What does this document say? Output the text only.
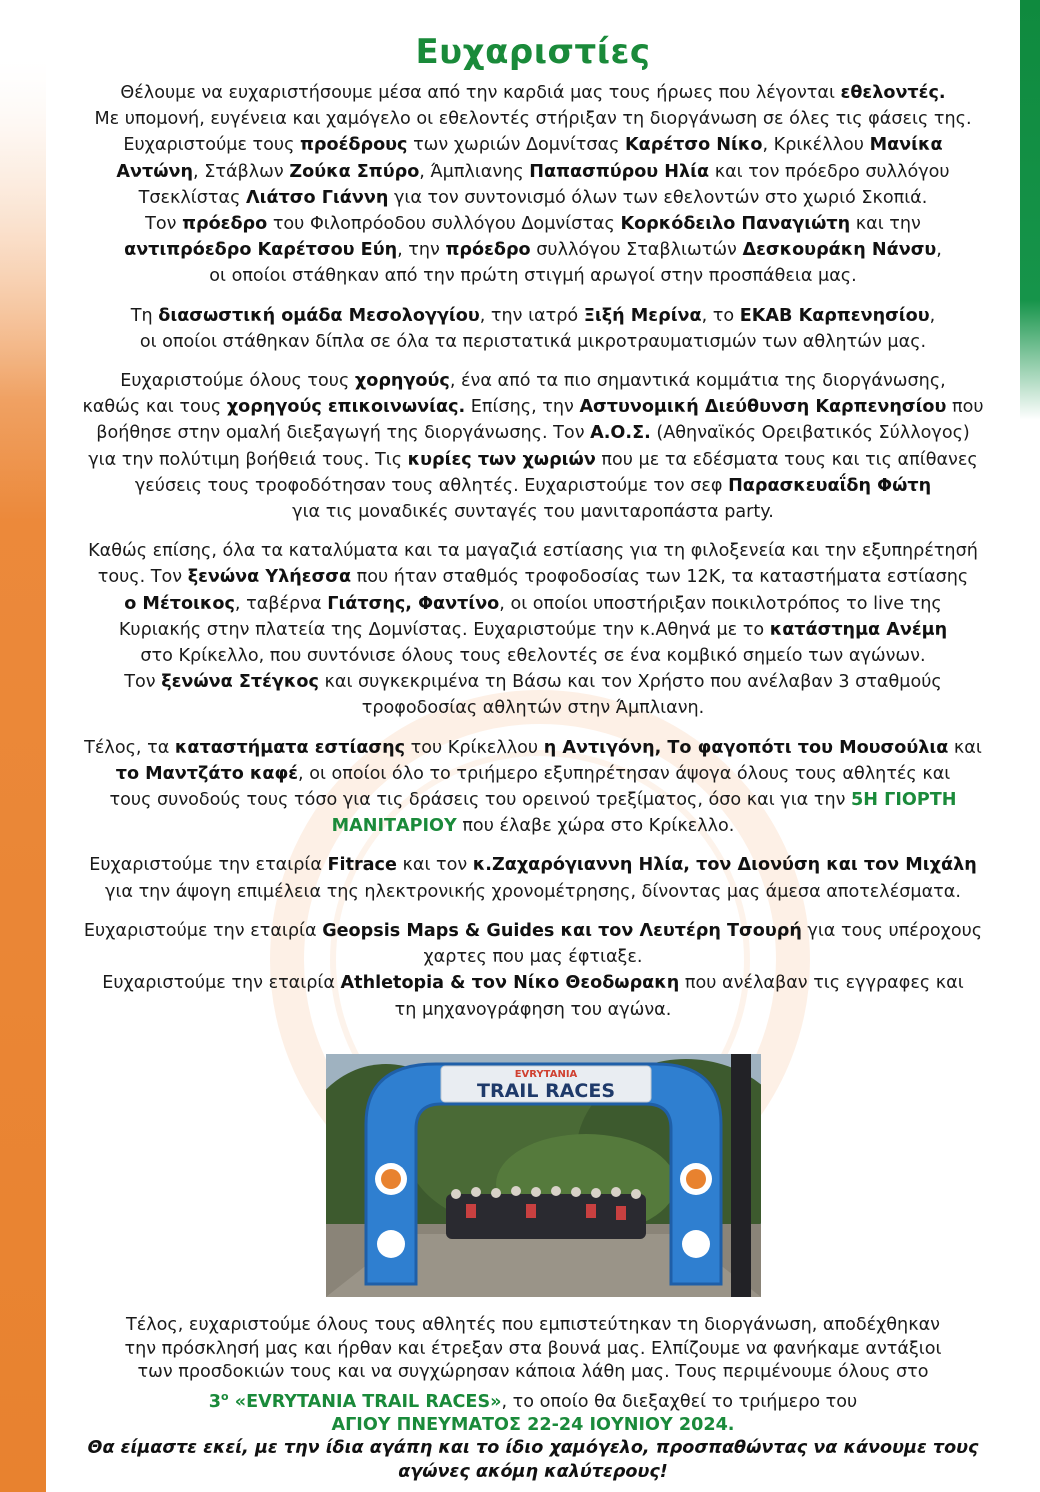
Ευχαριστίες

Θέλουμε να ευχαριστήσουμε μέσα από την καρδιά μας τους ήρωες που λέγονται εθελοντές.

Με υπομονή, ευγένεια και χαμόγελο οι εθελοντές στήριξαν τη διοργάνωση σε όλες τις φάσεις της.

Ευχαριστούμε τους προέδρους των χωριών Δομνίτσας Καρέτσο Νίκο, Κρικέλλου Μανίκα

Αντώνη, Στάβλων Ζούκα Σπύρο, Άμπλιανης Παπασπύρου Ηλία και τον πρόεδρο συλλόγου

Τσεκλίστας Λιάτσο Γιάννη για τον συντονισμό όλων των εθελοντών στο χωριό Σκοπιά.

Τον πρόεδρο του Φιλοπρόοδου συλλόγου Δομνίστας Κορκόδειλο Παναγιώτη και την

αντιπρόεδρο Καρέτσου Εύη, την πρόεδρο συλλόγου Σταβλιωτών Δεσκουράκη Νάνσυ,

οι οποίοι στάθηκαν από την πρώτη στιγμή αρωγοί στην προσπάθεια μας.

Τη διασωστική ομάδα Μεσολογγίου, την ιατρό Ξιξή Μερίνα, το ΕΚΑΒ Καρπενησίου,

οι οποίοι στάθηκαν δίπλα σε όλα τα περιστατικά μικροτραυματισμών των αθλητών μας.

Ευχαριστούμε όλους τους χορηγούς, ένα από τα πιο σημαντικά κομμάτια της διοργάνωσης,

καθώς και τους χορηγούς επικοινωνίας. Επίσης, την Αστυνομική Διεύθυνση Καρπενησίου που

βοήθησε στην ομαλή διεξαγωγή της διοργάνωσης. Τον Α.Ο.Σ. (Αθηναϊκός Ορειβατικός Σύλλογος)

για την πολύτιμη βοήθειά τους. Τις κυρίες των χωριών που με τα εδέσματα τους και τις απίθανες

γεύσεις τους τροφοδότησαν τους αθλητές. Ευχαριστούμε τον σεφ Παρασκευαΐδη Φώτη

για τις μοναδικές συνταγές του μανιταροπάστα party.

Καθώς επίσης, όλα τα καταλύματα και τα μαγαζιά εστίασης για τη φιλοξενεία και την εξυπηρέτησή

τους. Τον ξενώνα Υλήεσσα που ήταν σταθμός τροφοδοσίας των 12Κ, τα καταστήματα εστίασης

ο Μέτοικος, ταβέρνα Γιάτσης, Φαντίνο, οι οποίοι υποστήριξαν ποικιλοτρόπος το live της

Κυριακής στην πλατεία της Δομνίστας. Ευχαριστούμε την κ.Αθηνά με το κατάστημα Ανέμη

στο Κρίκελλο, που συντόνισε όλους τους εθελοντές σε ένα κομβικό σημείο των αγώνων.

Τον ξενώνα Στέγκος και συγκεκριμένα τη Βάσω και τον Χρήστο που ανέλαβαν 3 σταθμούς

τροφοδοσίας αθλητών στην Άμπλιανη.

Τέλος, τα καταστήματα εστίασης του Κρίκελλου η Αντιγόνη, Το φαγοπότι του Μουσούλια και

το Μαντζάτο καφέ, οι οποίοι όλο το τριήμερο εξυπηρέτησαν άψογα όλους τους αθλητές και

τους συνοδούς τους τόσο για τις δράσεις του ορεινού τρεξίματος, όσο και για την 5Η ΓΙΟΡΤΗ

ΜΑΝΙΤΑΡΙΟΥ που έλαβε χώρα στο Κρίκελλο.

Ευχαριστούμε την εταιρία Fitrace και τον κ.Ζαχαρόγιαννη Ηλία, τον Διονύση και τον Μιχάλη

για την άψογη επιμέλεια της ηλεκτρονικής χρονομέτρησης, δίνοντας μας άμεσα αποτελέσματα.

Ευχαριστούμε την εταιρία Geopsis Maps & Guides και τον Λευτέρη Τσουρή για τους υπέροχους

χαρτες που μας έφτιαξε.

Ευχαριστούμε την εταιρία Athletopia & τον Νίκο Θεοδωρακη που ανέλαβαν τις εγγραφες και

τη μηχανογράφηση του αγώνα.

EVRYTANIA
TRAIL RACES

Τέλος, ευχαριστούμε όλους τους αθλητές που εμπιστεύτηκαν τη διοργάνωση, αποδέχθηκαν

την πρόσκλησή μας και ήρθαν και έτρεξαν στα βουνά μας. Ελπίζουμε να φανήκαμε αντάξιοι

των προσδοκιών τους και να συγχώρησαν κάποια λάθη μας. Τους περιμένουμε όλους στο

$3^o$ «EVRYTANIA TRAIL RACES», το οποίο θα διεξαχθεί το τριήμερο του

ΑΓΙΟΥ ΠΝΕΥΜΑΤΟΣ 22-24 ΙΟΥΝΙΟΥ 2024.

Θα είμαστε εκεί, με την ίδια αγάπη και το ίδιο χαμόγελο, προσπαθώντας να κάνουμε τους

αγώνες ακόμη καλύτερους!
